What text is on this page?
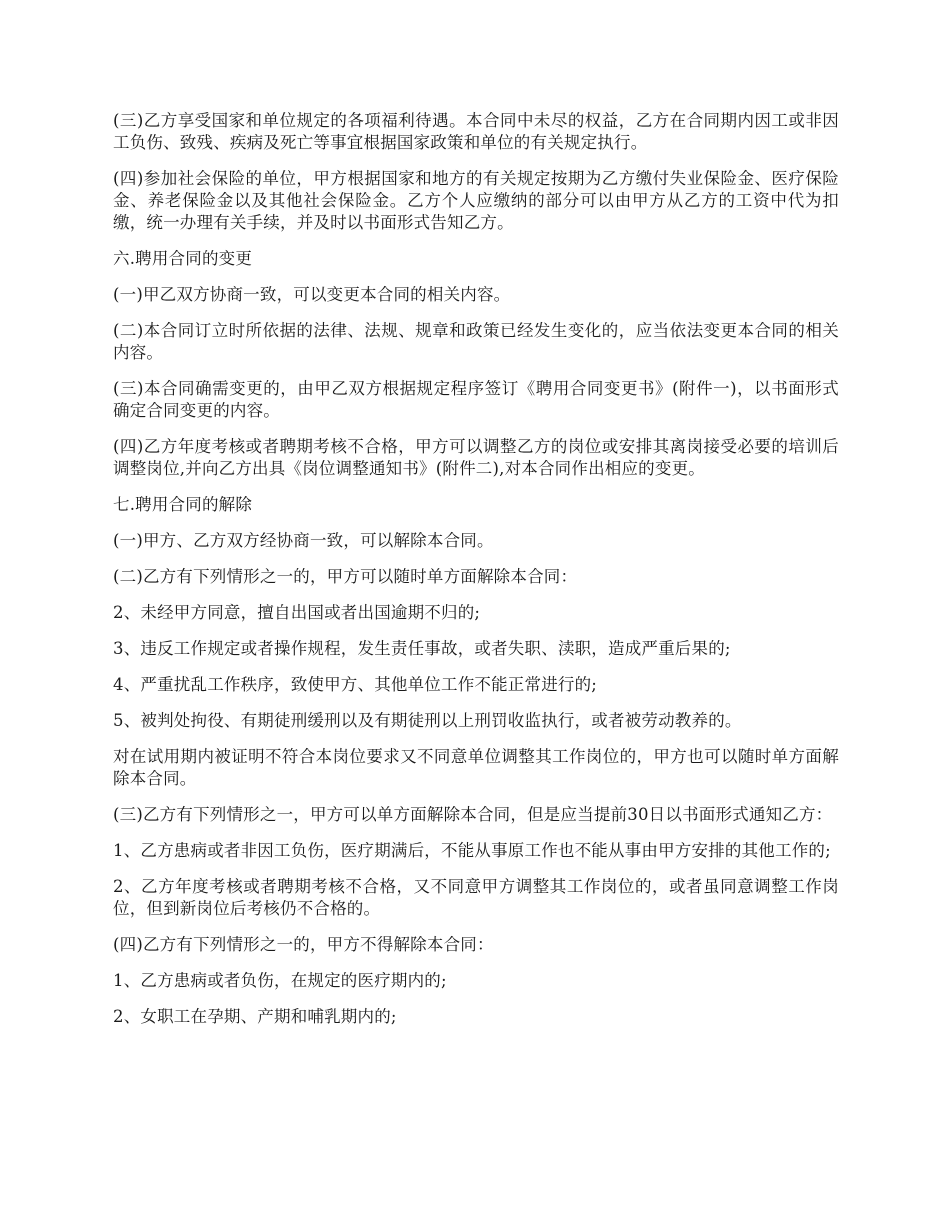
(三)乙方享受国家和单位规定的各项福利待遇。本合同中未尽的权益，乙方在合同期内因工或非因工负伤、致残、疾病及死亡等事宜根据国家政策和单位的有关规定执行。

(四)参加社会保险的单位，甲方根据国家和地方的有关规定按期为乙方缴付失业保险金、医疗保险金、养老保险金以及其他社会保险金。乙方个人应缴纳的部分可以由甲方从乙方的工资中代为扣缴，统一办理有关手续，并及时以书面形式告知乙方。

六.聘用合同的变更

(一)甲乙双方协商一致，可以变更本合同的相关内容。

(二)本合同订立时所依据的法律、法规、规章和政策已经发生变化的，应当依法变更本合同的相关内容。

(三)本合同确需变更的，由甲乙双方根据规定程序签订《聘用合同变更书》(附件一)，以书面形式确定合同变更的内容。

(四)乙方年度考核或者聘期考核不合格，甲方可以调整乙方的岗位或安排其离岗接受必要的培训后调整岗位,并向乙方出具《岗位调整通知书》(附件二),对本合同作出相应的变更。

七.聘用合同的解除

(一)甲方、乙方双方经协商一致，可以解除本合同。

(二)乙方有下列情形之一的，甲方可以随时单方面解除本合同：

2、未经甲方同意，擅自出国或者出国逾期不归的;

3、违反工作规定或者操作规程，发生责任事故，或者失职、渎职，造成严重后果的;

4、严重扰乱工作秩序，致使甲方、其他单位工作不能正常进行的;

5、被判处拘役、有期徒刑缓刑以及有期徒刑以上刑罚收监执行，或者被劳动教养的。

对在试用期内被证明不符合本岗位要求又不同意单位调整其工作岗位的，甲方也可以随时单方面解除本合同。

(三)乙方有下列情形之一，甲方可以单方面解除本合同，但是应当提前30日以书面形式通知乙方：

1、乙方患病或者非因工负伤，医疗期满后，不能从事原工作也不能从事由甲方安排的其他工作的;

2、乙方年度考核或者聘期考核不合格，又不同意甲方调整其工作岗位的，或者虽同意调整工作岗位，但到新岗位后考核仍不合格的。

(四)乙方有下列情形之一的，甲方不得解除本合同：

1、乙方患病或者负伤，在规定的医疗期内的;

2、女职工在孕期、产期和哺乳期内的;
